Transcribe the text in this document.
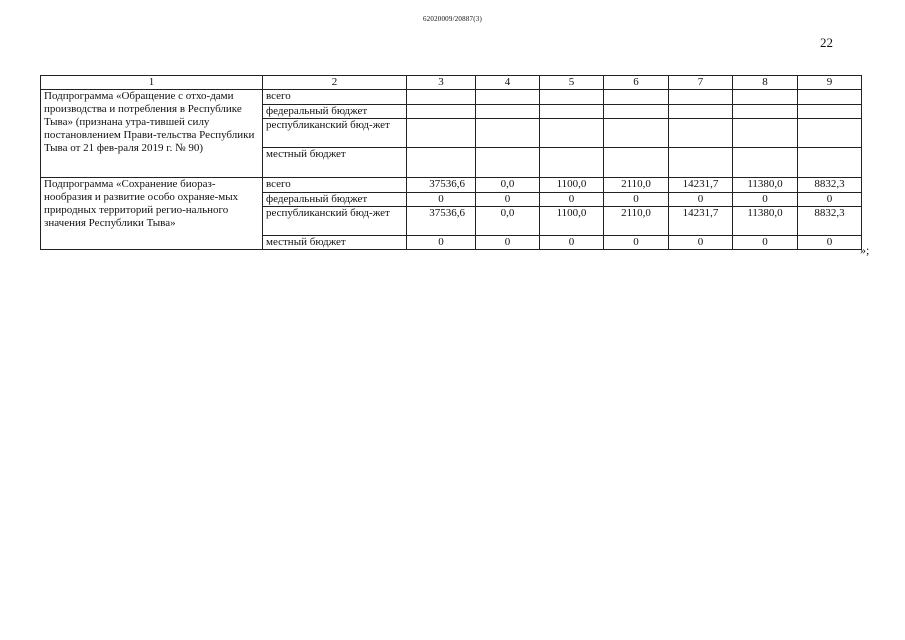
62020009/20887(3)
22
1	2	3	4	5	6	7	8	9
Подпрограмма «Обращение с отхо-дами производства и потребления в Республике Тыва» (признана утра-тившей силу постановлением Прави-тельства Республики Тыва от 21 фев-раля 2019 г. № 90)	всего							
	федеральный бюджет							
	республиканский бюд-жет							
	местный бюджет							
Подпрограмма «Сохранение биораз-нообразия и развитие особо охраняе-мых природных территорий регио-нального значения Республики Тыва»	всего	37536,6	0,0	1100,0	2110,0	14231,7	11380,0	8832,3
	федеральный бюджет	0	0	0	0	0	0	0
	республиканский бюд-жет	37536,6	0,0	1100,0	2110,0	14231,7	11380,0	8832,3
	местный бюджет	0	0	0	0	0	0	0
»;
